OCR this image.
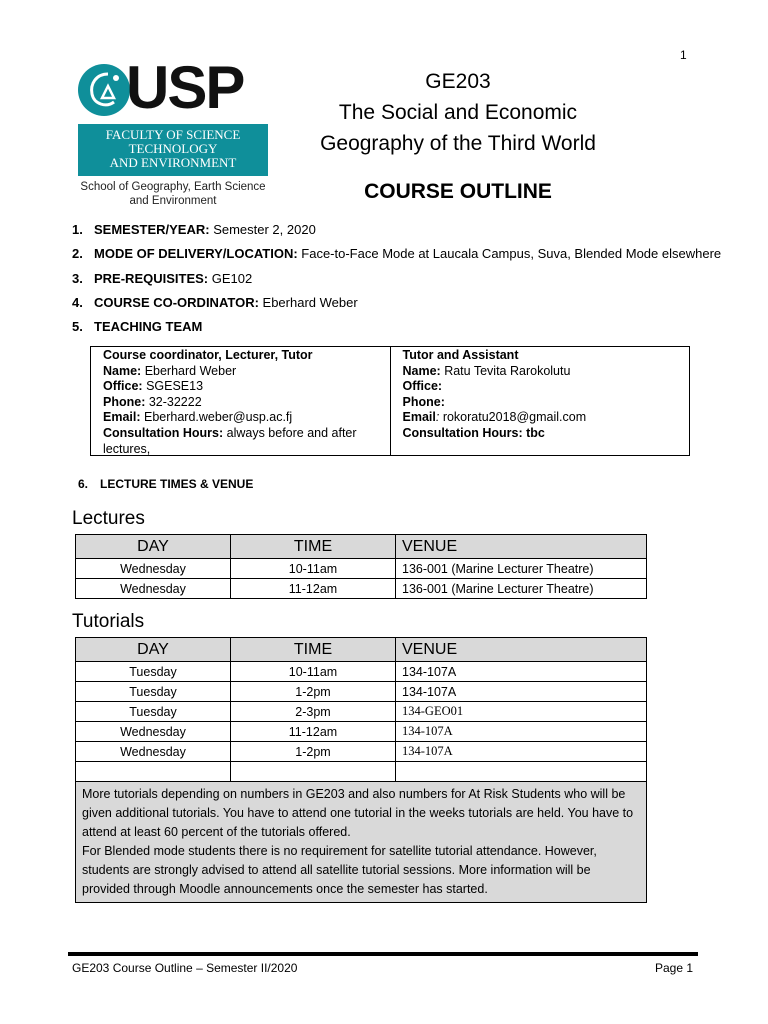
1
USP
FACULTY OF SCIENCE
TECHNOLOGY
AND ENVIRONMENT
School of Geography, Earth Science
and Environment
GE203
The Social and Economic
Geography of the Third World
COURSE OUTLINE
1. SEMESTER/YEAR: Semester 2, 2020
2. MODE OF DELIVERY/LOCATION: Face-to-Face Mode at Laucala Campus, Suva, Blended Mode elsewhere
3. PRE-REQUISITES: GE102
4. COURSE CO-ORDINATOR: Eberhard Weber
5. TEACHING TEAM
Course coordinator, Lecturer, Tutor
Name: Eberhard Weber
Office: SGESE13
Phone: 32-32222
Email: Eberhard.weber@usp.ac.fj
Consultation Hours: always before and after lectures,
Tutor and Assistant
Name: Ratu Tevita Rarokolutu
Office:
Phone:
Email: rokoratu2018@gmail.com
Consultation Hours: tbc
6. LECTURE TIMES & VENUE
Lectures
DAY	TIME	VENUE
Wednesday	10-11am	136-001 (Marine Lecturer Theatre)
Wednesday	11-12am	136-001 (Marine Lecturer Theatre)
Tutorials
DAY	TIME	VENUE
Tuesday	10-11am	134-107A
Tuesday	1-2pm	134-107A
Tuesday	2-3pm	134-GEO01
Wednesday	11-12am	134-107A
Wednesday	1-2pm	134-107A

More tutorials depending on numbers in GE203 and also numbers for At Risk Students who will be given additional tutorials. You have to attend one tutorial in the weeks tutorials are held. You have to attend at least 60 percent of the tutorials offered.
For Blended mode students there is no requirement for satellite tutorial attendance. However, students are strongly advised to attend all satellite tutorial sessions. More information will be provided through Moodle announcements once the semester has started.		
GE203 Course Outline – Semester II/2020	Page 1
